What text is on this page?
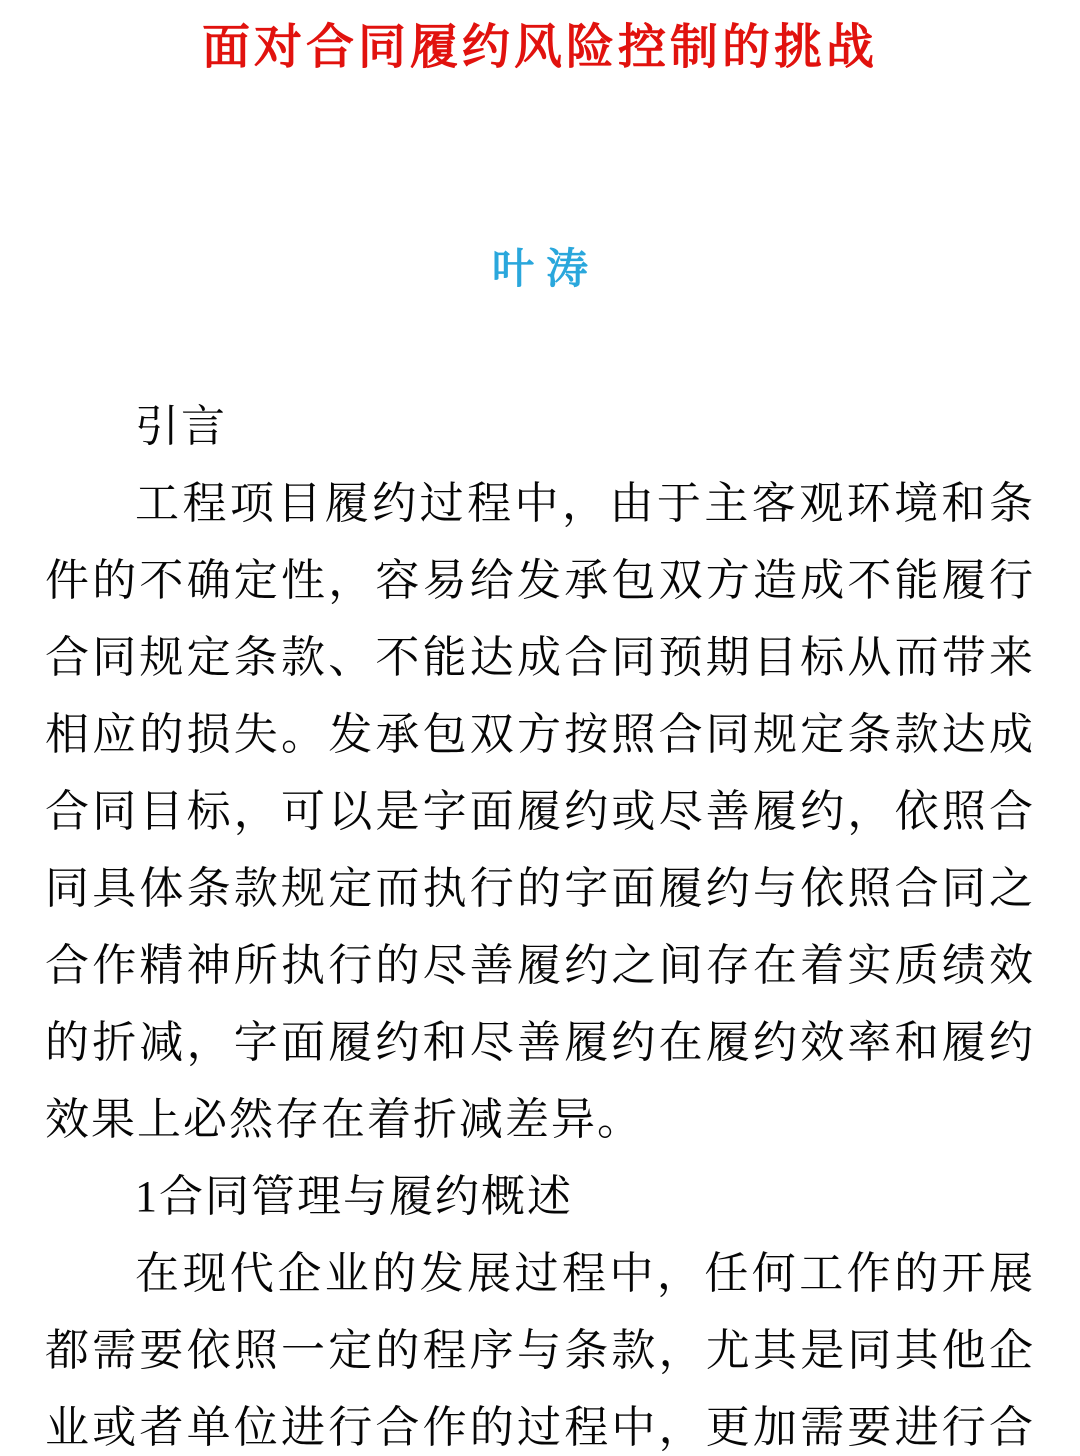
面对合同履约风险控制的挑战
叶涛
引言
工程项目履约过程中，由于主客观环境和条
件的不确定性，容易给发承包双方造成不能履行
合同规定条款、不能达成合同预期目标从而带来
相应的损失。发承包双方按照合同规定条款达成
合同目标，可以是字面履约或尽善履约，依照合
同具体条款规定而执行的字面履约与依照合同之
合作精神所执行的尽善履约之间存在着实质绩效
的折减，字面履约和尽善履约在履约效率和履约
效果上必然存在着折减差异。
1合同管理与履约概述
在现代企业的发展过程中，任何工作的开展
都需要依照一定的程序与条款，尤其是同其他企
业或者单位进行合作的过程中，更加需要进行合
